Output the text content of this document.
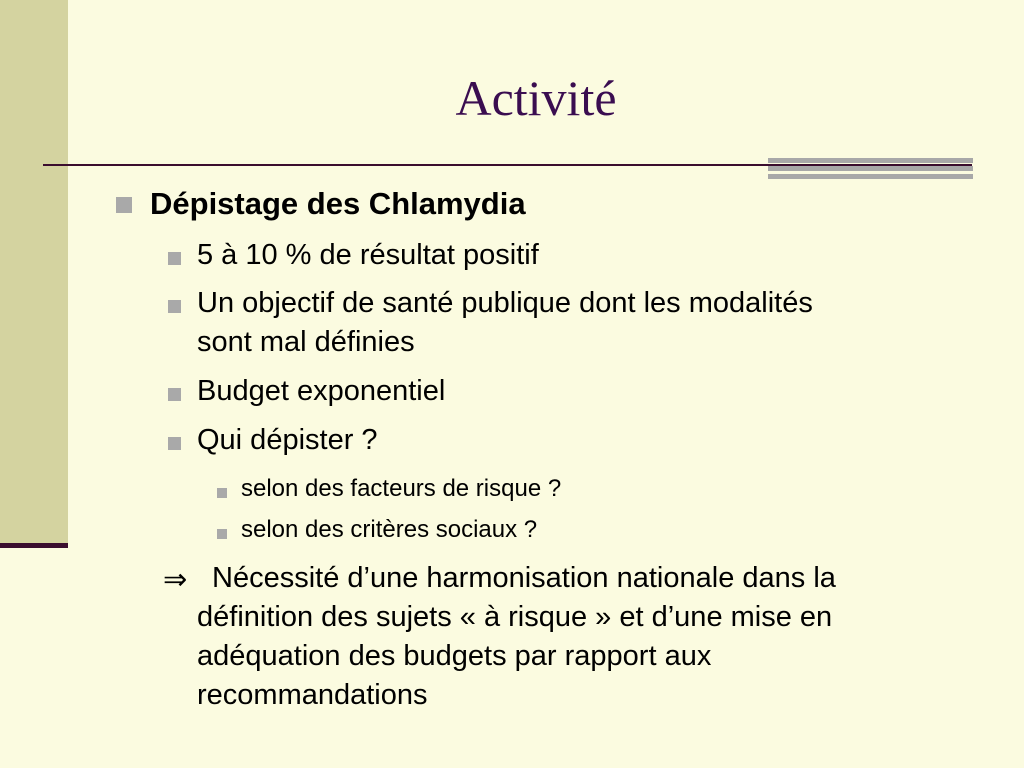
Activité
Dépistage des Chlamydia
5 à 10 % de résultat positif
Un objectif de santé publique dont les modalités
sont mal définies
Budget exponentiel
Qui dépister ?
selon des facteurs de risque ?
selon des critères sociaux ?
⇒ Nécessité d’une harmonisation nationale dans la
définition des sujets « à risque » et d’une mise en
adéquation des budgets par rapport aux
recommandations
